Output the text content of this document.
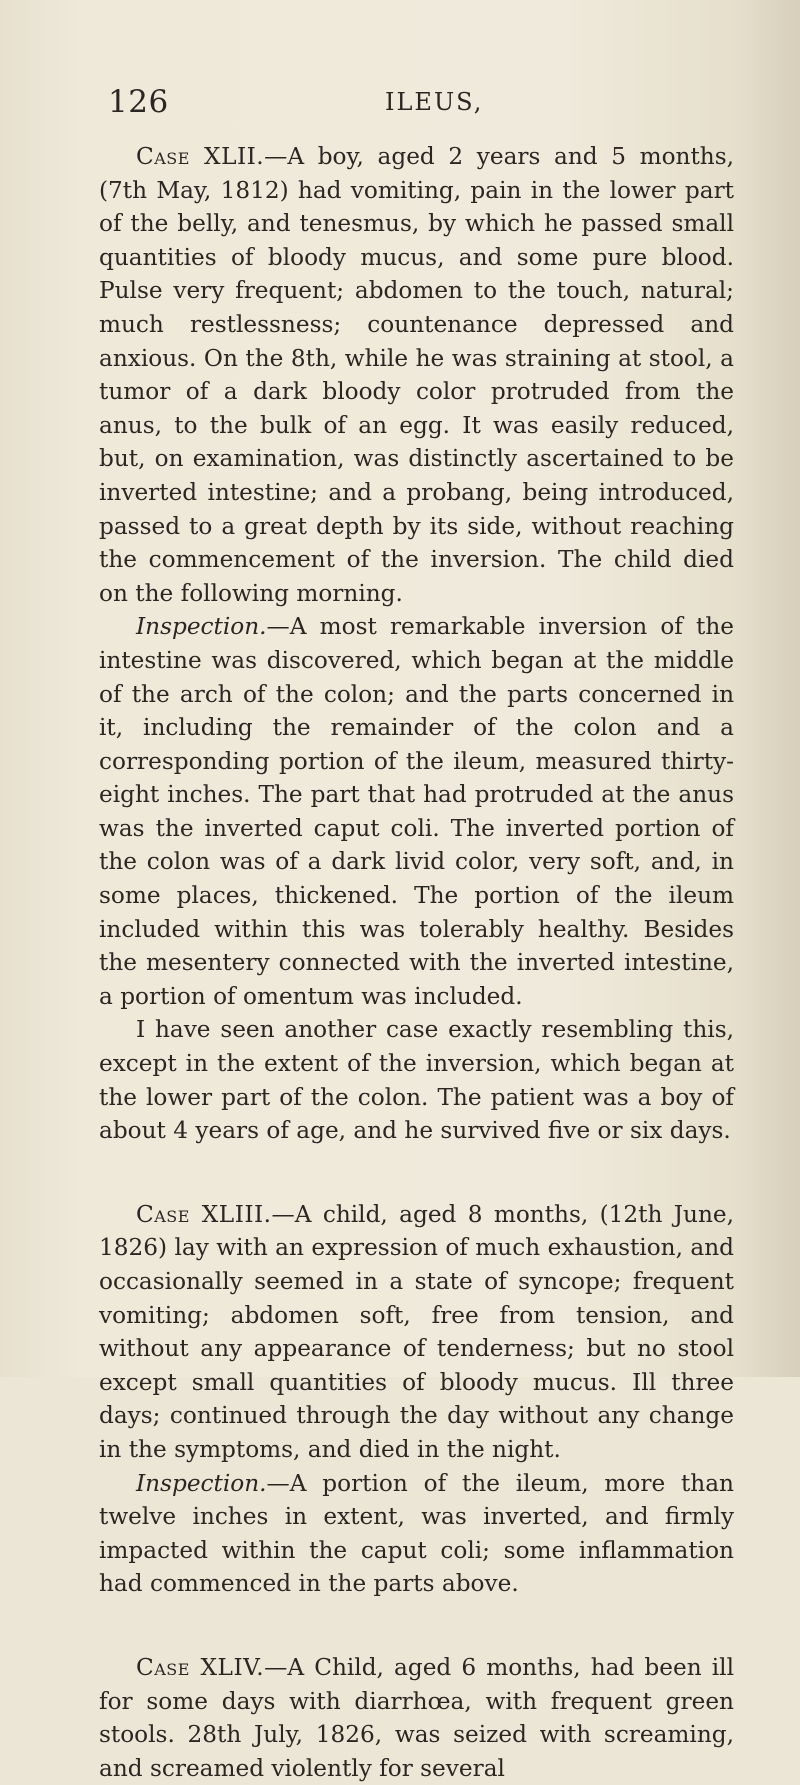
126	ILEUS,

Case XLII.—A boy, aged 2 years and 5 months, (7th May, 1812) had vomiting, pain in the lower part of the belly, and tenesmus, by which he passed small quantities of bloody mucus, and some pure blood. Pulse very frequent; abdomen to the touch, natural; much restlessness; countenance depressed and anxious. On the 8th, while he was straining at stool, a tumor of a dark bloody color protruded from the anus, to the bulk of an egg. It was easily reduced, but, on examination, was distinctly ascertained to be inverted intestine; and a probang, being introduced, passed to a great depth by its side, without reaching the commencement of the inversion. The child died on the following morning.

Inspection.—A most remarkable inversion of the intestine was discovered, which began at the middle of the arch of the colon; and the parts concerned in it, including the remainder of the colon and a corresponding portion of the ileum, measured thirty-eight inches. The part that had protruded at the anus was the inverted caput coli. The inverted portion of the colon was of a dark livid color, very soft, and, in some places, thickened. The portion of the ileum included within this was tolerably healthy. Besides the mesentery connected with the inverted intestine, a portion of omentum was included.

I have seen another case exactly resembling this, except in the extent of the inversion, which began at the lower part of the colon. The patient was a boy of about 4 years of age, and he survived five or six days.

Case XLIII.—A child, aged 8 months, (12th June, 1826) lay with an expression of much exhaustion, and occasionally seemed in a state of syncope; frequent vomiting; abdomen soft, free from tension, and without any appearance of tenderness; but no stool except small quantities of bloody mucus. Ill three days; continued through the day without any change in the symptoms, and died in the night.

Inspection.—A portion of the ileum, more than twelve inches in extent, was inverted, and firmly impacted within the caput coli; some inflammation had commenced in the parts above.

Case XLIV.—A Child, aged 6 months, had been ill for some days with diarrhœa, with frequent green stools. 28th July, 1826, was seized with screaming, and screamed violently for several
